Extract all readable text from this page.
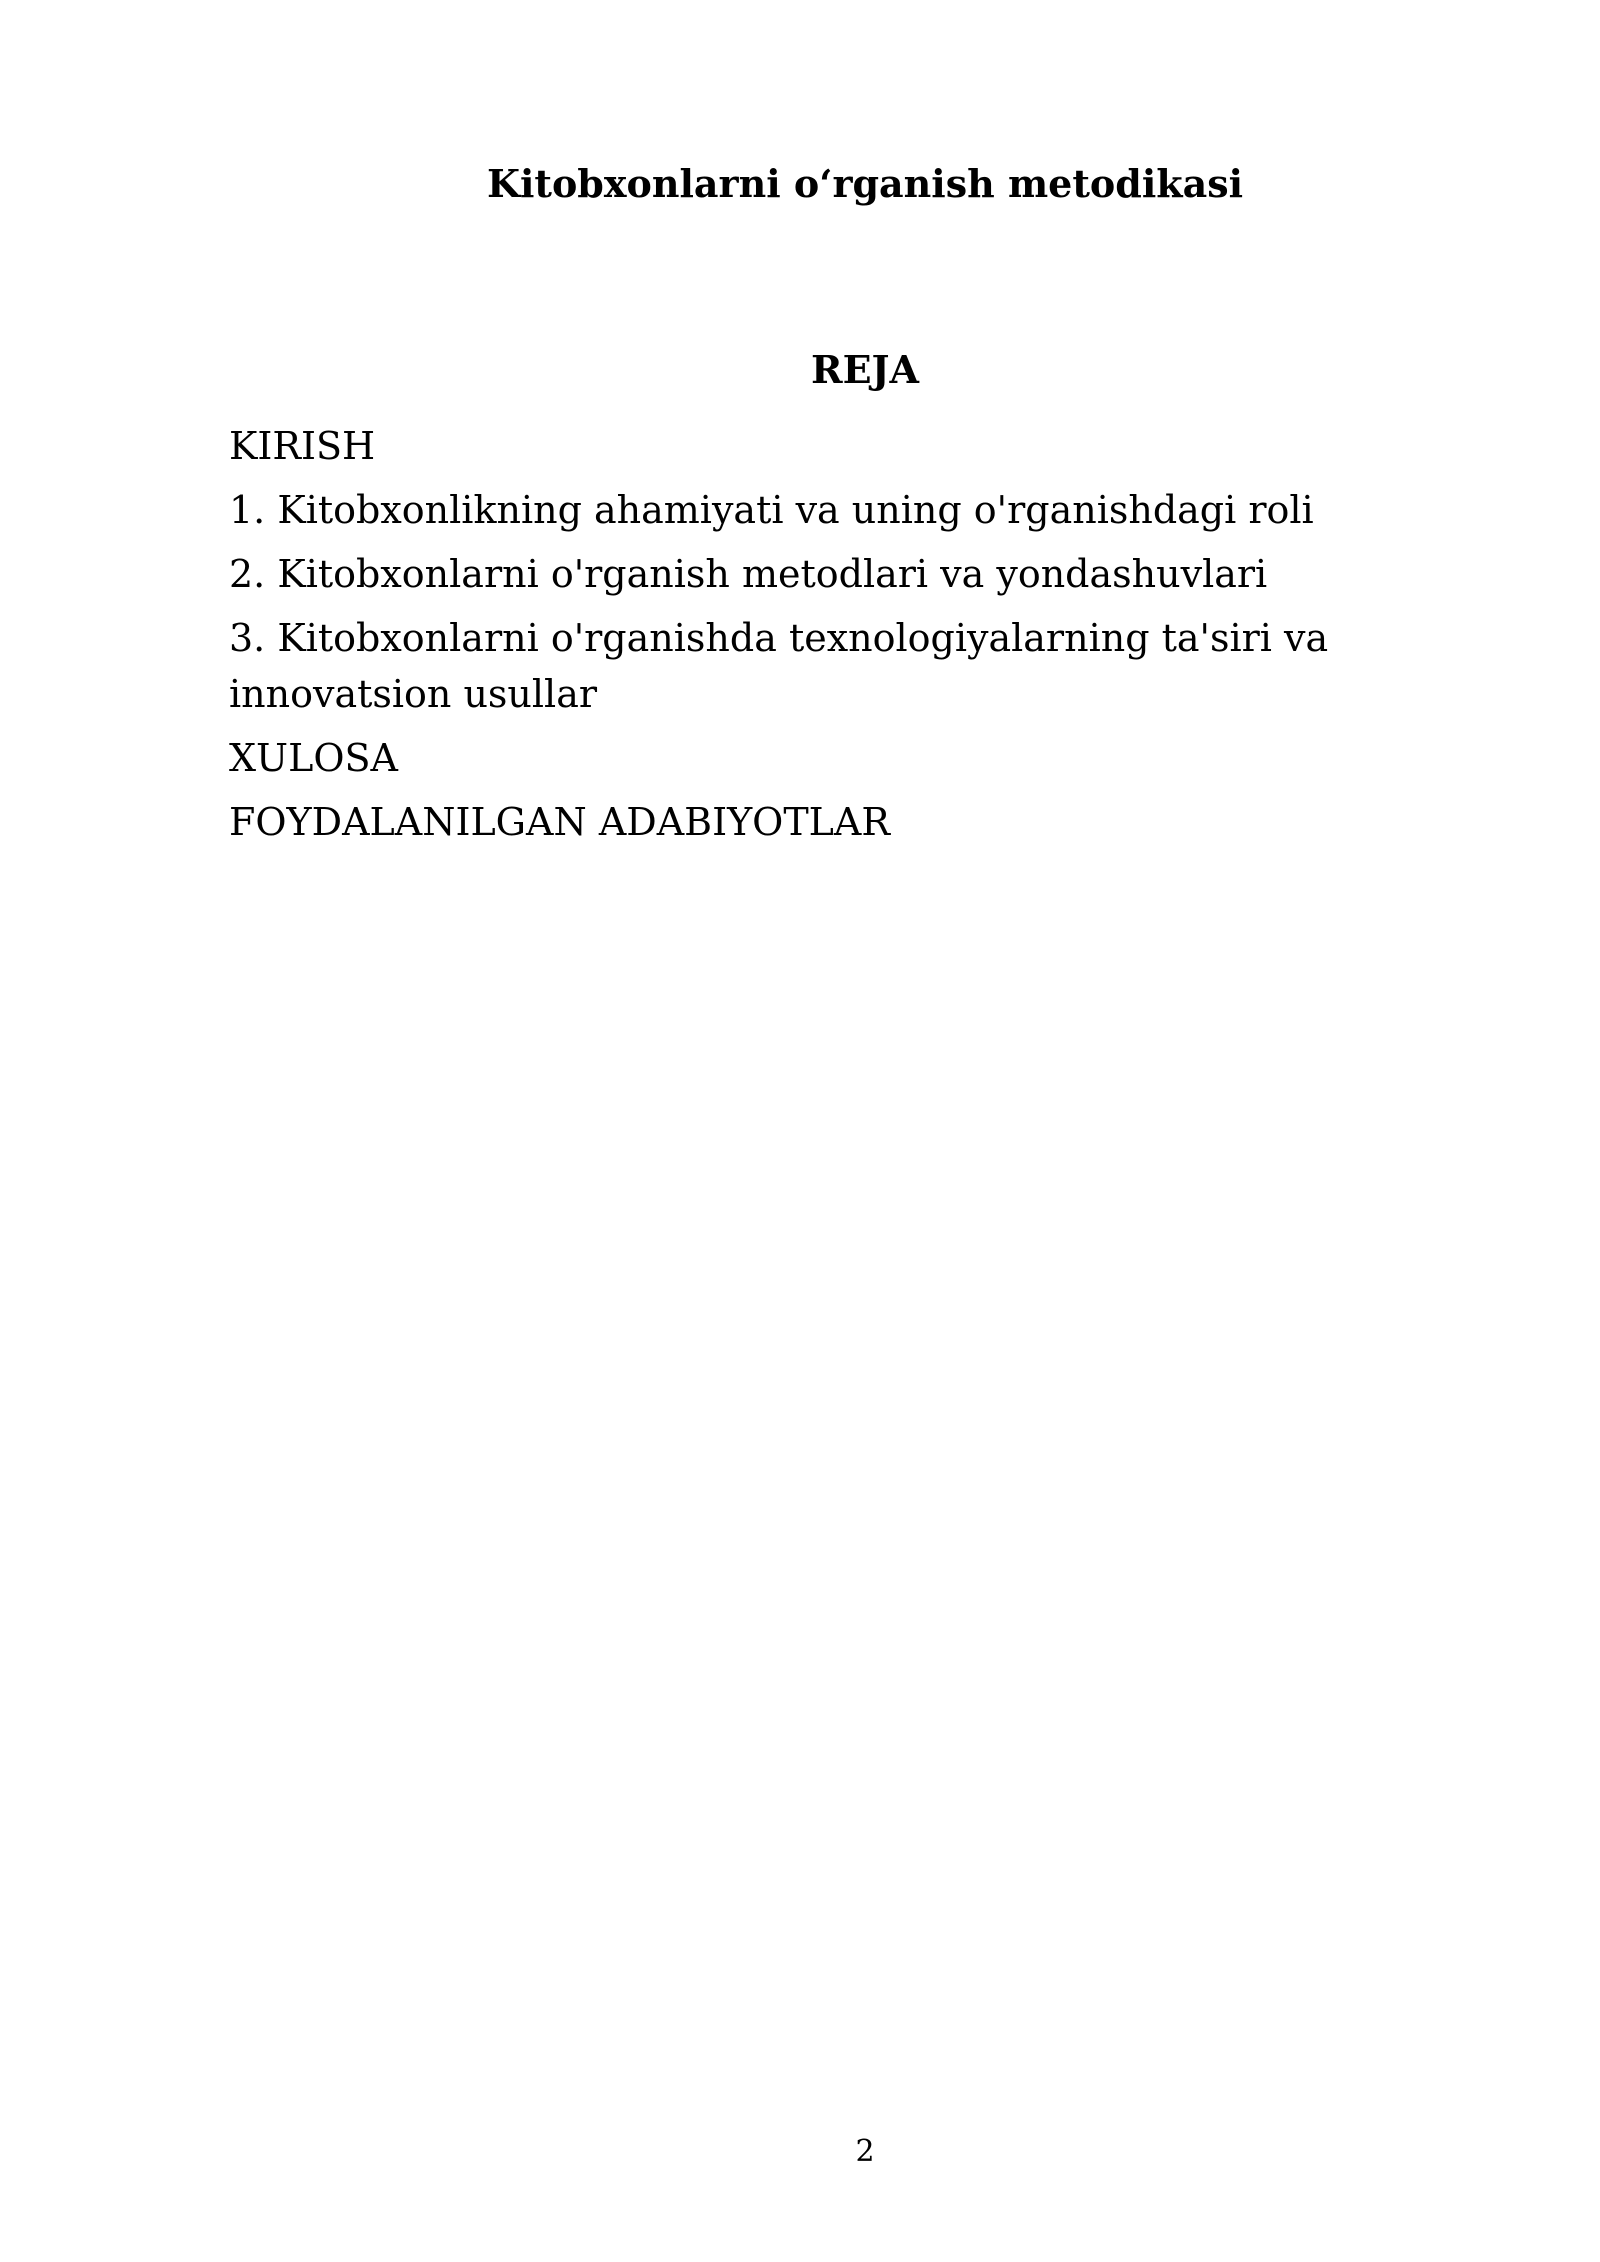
Kitobxonlarni o‘rganish metodikasi
REJA
KIRISH
1. Kitobxonlikning ahamiyati va uning o'rganishdagi roli
2. Kitobxonlarni o'rganish metodlari va yondashuvlari
3. Kitobxonlarni o'rganishda texnologiyalarning ta'siri va innovatsion usullar
XULOSA
FOYDALANILGAN ADABIYOTLAR
2
